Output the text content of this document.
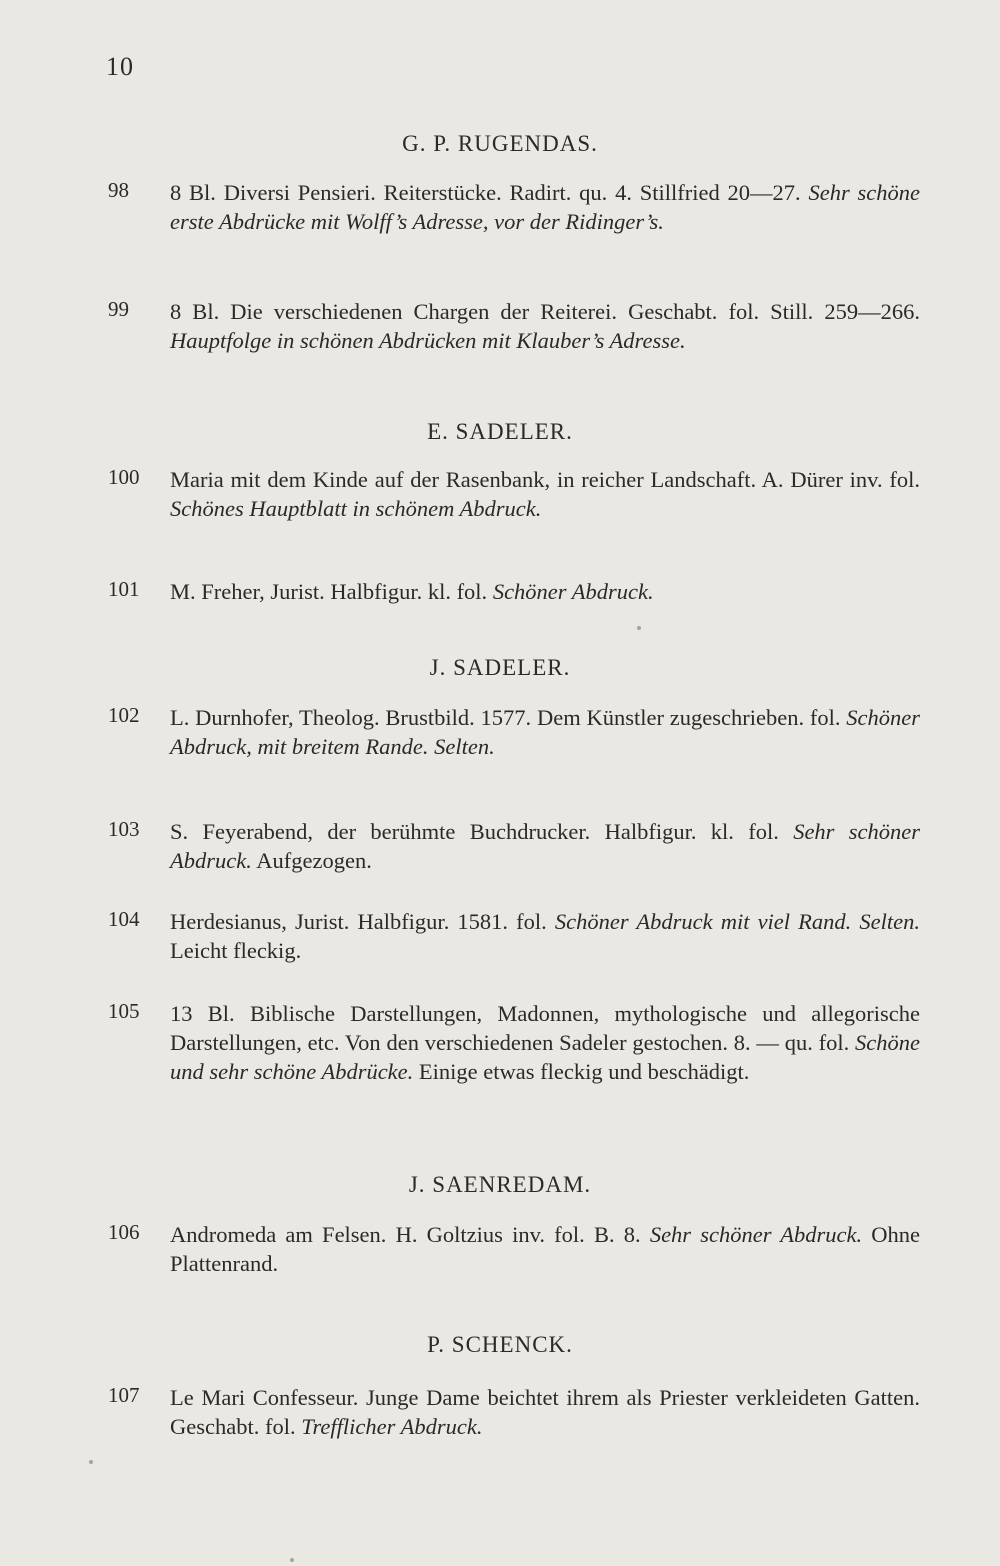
10
G. P. RUGENDAS.
98	8 Bl. Diversi Pensieri. Reiterstücke. Radirt. qu. 4. Stillfried 20—27. Sehr schöne erste Abdrücke mit Wolff’s Adresse, vor der Ridinger’s.
99	8 Bl. Die verschiedenen Chargen der Reiterei. Geschabt. fol. Still. 259—266. Hauptfolge in schönen Abdrücken mit Klauber’s Adresse.
E. SADELER.
100	Maria mit dem Kinde auf der Rasenbank, in reicher Landschaft. A. Dürer inv. fol. Schönes Hauptblatt in schönem Abdruck.
101	M. Freher, Jurist. Halbfigur. kl. fol. Schöner Abdruck.
J. SADELER.
102	L. Durnhofer, Theolog. Brustbild. 1577. Dem Künstler zugeschrieben. fol. Schöner Abdruck, mit breitem Rande. Selten.
103	S. Feyerabend, der berühmte Buchdrucker. Halbfigur. kl. fol. Sehr schöner Abdruck. Aufgezogen.
104	Herdesianus, Jurist. Halbfigur. 1581. fol. Schöner Abdruck mit viel Rand. Selten. Leicht fleckig.
105	13 Bl. Biblische Darstellungen, Madonnen, mythologische und allegorische Darstellungen, etc. Von den verschiedenen Sadeler gestochen. 8. — qu. fol. Schöne und sehr schöne Abdrücke. Einige etwas fleckig und beschädigt.
J. SAENREDAM.
106	Andromeda am Felsen. H. Goltzius inv. fol. B. 8. Sehr schöner Abdruck. Ohne Plattenrand.
P. SCHENCK.
107	Le Mari Confesseur. Junge Dame beichtet ihrem als Priester verkleideten Gatten. Geschabt. fol. Trefflicher Abdruck.
